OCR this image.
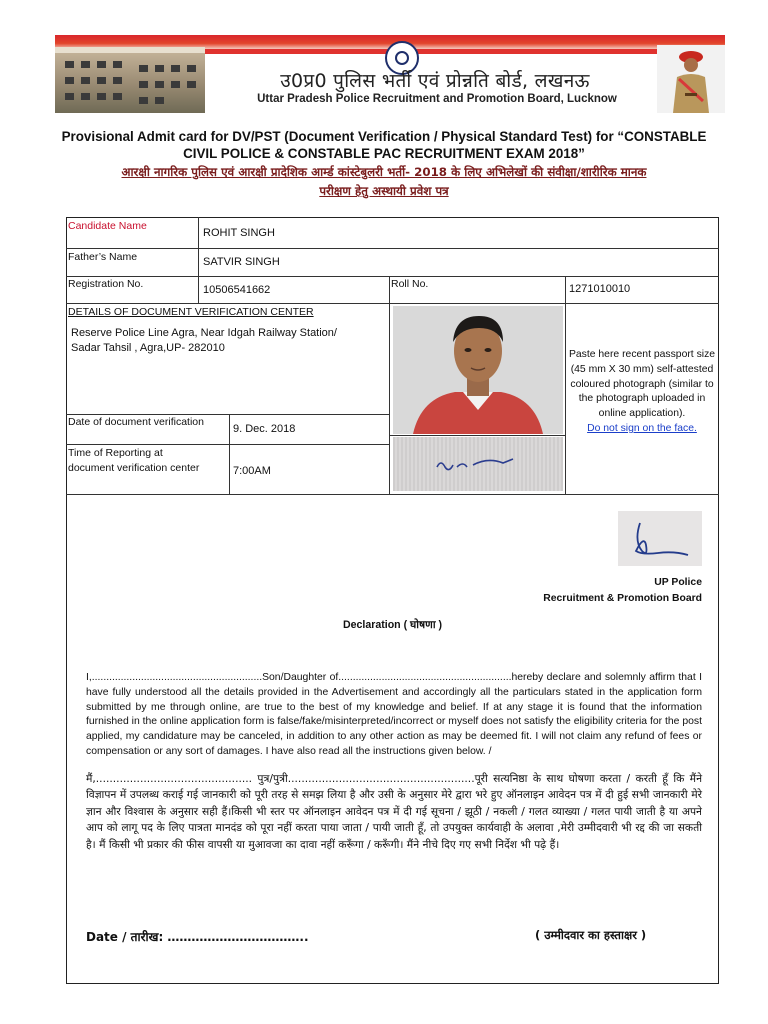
उ0प्र0 पुलिस भर्ती एवं प्रोन्नति बोर्ड, लखनऊ
Uttar Pradesh Police Recruitment and Promotion Board, Lucknow
Provisional Admit card for DV/PST (Document Verification / Physical Standard Test) for “CONSTABLE
CIVIL POLICE & CONSTABLE PAC RECRUITMENT EXAM 2018”
आरक्षी नागरिक पुलिस एवं आरक्षी प्रादेशिक आर्म्ड कांस्टेबुलरी भर्ती- 2018 के लिए अभिलेखों की संवीक्षा/शारीरिक मानक
परीक्षण हेतु अस्थायी प्रवेश पत्र
Candidate Name
ROHIT SINGH
Father’s Name	SATVIR SINGH
Registration No.	10506541662	Roll No.	1271010010
DETAILS OF DOCUMENT VERIFICATION CENTER
Reserve Police Line Agra, Near Idgah Railway Station/
Sadar Tahsil , Agra,UP- 282010
Date of document verification
9. Dec. 2018
Time of Reporting at
document verification center	7:00AM
Paste here recent passport size (45 mm X 30 mm) self-attested coloured photograph (similar to the photograph uploaded in online application).
Do not sign on the face.
UP Police
Recruitment & Promotion Board
Declaration ( घोषणा )
I,...........................................................Son/Daughter of............................................................hereby declare and solemnly affirm that I have fully understood all the details provided in the Advertisement and accordingly all the particulars stated in the application form submitted by me through online, are true to the best of my knowledge and belief. If at any stage it is found that the information furnished in the online application form is false/fake/misinterpreted/incorrect or myself does not satisfy the eligibility criteria for the post applied, my candidature may be canceled, in addition to any other action as may be deemed fit. I will not claim any refund of fees or compensation or any sort of damages. I have also read all the instructions given below. /
मैं,.............................................. पुत्र/पुत्री.......................................................पूरी सत्यनिष्ठा के साथ घोषणा करता / करती हूँ कि मैंने विज्ञापन में उपलब्ध कराई गई जानकारी को पूरी तरह से समझ लिया है और उसी के अनुसार मेरे द्वारा भरे हुए ऑनलाइन आवेदन पत्र में दी हुई सभी जानकारी मेरे ज्ञान और विश्वास के अनुसार सही हैं।किसी भी स्तर पर ऑनलाइन आवेदन पत्र में दी गई सूचना / झूठी / नकली / गलत व्याख्या / गलत पायी जाती है या अपने आप को लागू पद के लिए पात्रता मानदंड को पूरा नहीं करता पाया जाता / पायी जाती हूँ, तो उपयुक्त कार्यवाही के अलावा ,मेरी उम्मीदवारी भी रद्द की जा सकती है। मैं किसी भी प्रकार की फीस वापसी या मुआवजा का दावा नहीं करूँगा / करूँगी। मैंने नीचे दिए गए सभी निर्देश भी पढ़े हैं।
Date / तारीख: ……………………………..	( उम्मीदवार का हस्ताक्षर )
